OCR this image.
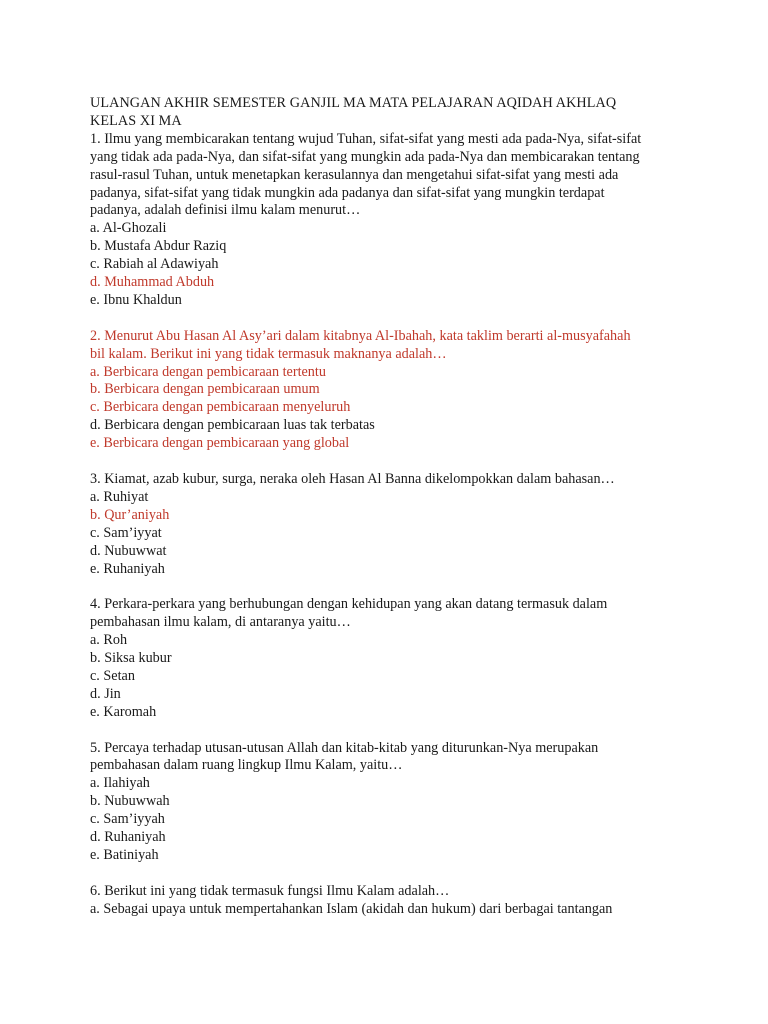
ULANGAN AKHIR SEMESTER GANJIL MA MATA PELAJARAN AQIDAH AKHLAQ
KELAS XI MA
1. Ilmu yang membicarakan tentang wujud Tuhan, sifat-sifat yang mesti ada pada-Nya, sifat-sifat
yang tidak ada pada-Nya, dan sifat-sifat yang mungkin ada pada-Nya dan membicarakan tentang
rasul-rasul Tuhan, untuk menetapkan kerasulannya dan mengetahui sifat-sifat yang mesti ada
padanya, sifat-sifat yang tidak mungkin ada padanya dan sifat-sifat yang mungkin terdapat
padanya, adalah definisi ilmu kalam menurut…
a. Al-Ghozali
b. Mustafa Abdur Raziq
c. Rabiah al Adawiyah
d. Muhammad Abduh
e. Ibnu Khaldun
2. Menurut Abu Hasan Al Asy’ari dalam kitabnya Al-Ibahah, kata taklim berarti al-musyafahah
bil kalam. Berikut ini yang tidak termasuk maknanya adalah…
a. Berbicara dengan pembicaraan tertentu
b. Berbicara dengan pembicaraan umum
c. Berbicara dengan pembicaraan menyeluruh
d. Berbicara dengan pembicaraan luas tak terbatas
e. Berbicara dengan pembicaraan yang global
3. Kiamat, azab kubur, surga, neraka oleh Hasan Al Banna dikelompokkan dalam bahasan…
a. Ruhiyat
b. Qur’aniyah
c. Sam’iyyat
d. Nubuwwat
e. Ruhaniyah
4. Perkara-perkara yang berhubungan dengan kehidupan yang akan datang termasuk dalam
pembahasan ilmu kalam, di antaranya yaitu…
a. Roh
b. Siksa kubur
c. Setan
d. Jin
e. Karomah
5. Percaya terhadap utusan-utusan Allah dan kitab-kitab yang diturunkan-Nya merupakan
pembahasan dalam ruang lingkup Ilmu Kalam, yaitu…
a. Ilahiyah
b. Nubuwwah
c. Sam’iyyah
d. Ruhaniyah
e. Batiniyah
6. Berikut ini yang tidak termasuk fungsi Ilmu Kalam adalah…
a. Sebagai upaya untuk mempertahankan Islam (akidah dan hukum) dari berbagai tantangan
